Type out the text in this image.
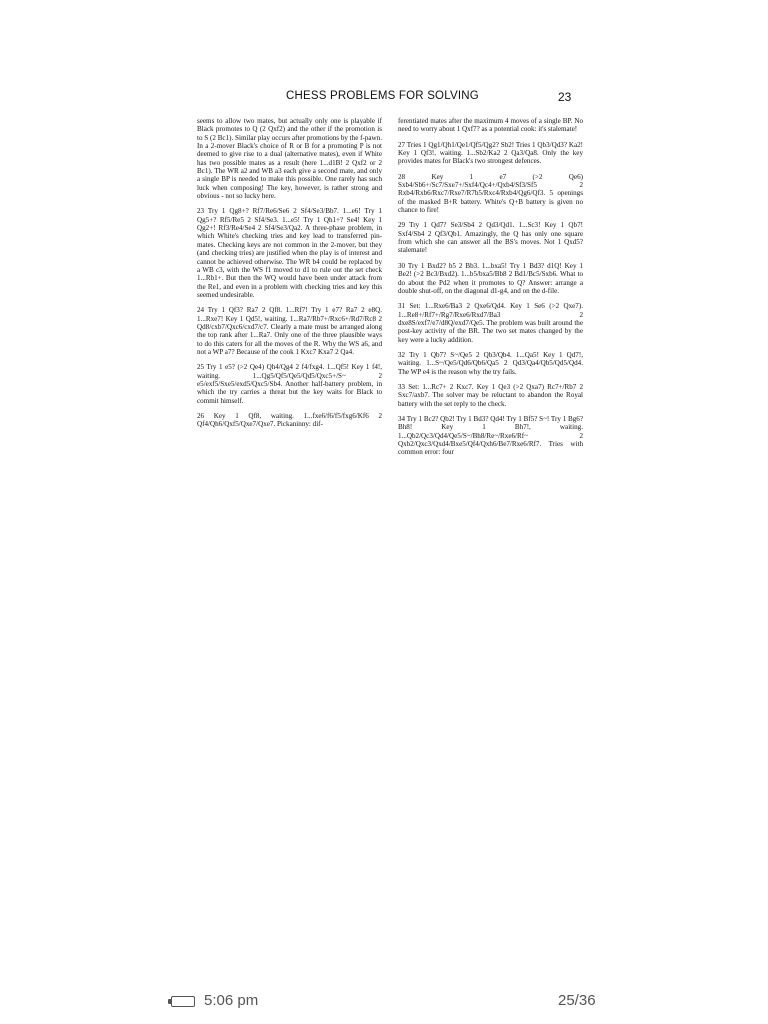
CHESS PROBLEMS FOR SOLVING	23

seems to allow two mates, but actually only one is playable if Black promotes to Q (2 Qxf2) and the other if the promotion is to S (2 Bc1). Similar play occurs after promotions by the f-pawn. In a 2-mover Black's choice of R or B for a promoting P is not deemed to give rise to a dual (alternative mates), even if White has two possible mates as a result (here 1...d1B! 2 Qxf2 or 2 Bc1). The WR a2 and WB a3 each give a second mate, and only a single BP is needed to make this possible. One rarely has such luck when composing! The key, however, is rather strong and obvious - not so lucky here.

23 Try 1 Qg8+? Rf7/Re6/Se6 2 Sf4/Se3/Bb7. 1...e6! Try 1 Qg5+? Rf5/Re5 2 Sf4/Se3. 1...e5! Try 1 Qh1+? Se4! Key 1 Qg2+! Rf3/Re4/Se4 2 Sf4/Se3/Qa2. A three-phase problem, in which White's checking tries and key lead to transferred pin-mates. Checking keys are not common in the 2-mover, but they (and checking tries) are justified when the play is of interest and cannot be achieved otherwise. The WR b4 could be replaced by a WB c3, with the WS f1 moved to d1 to rule out the set check 1...Rb1+. But then the WQ would have been under attack from the Re1, and even in a problem with checking tries and key this seemed undesirable.

24 Try 1 Qf3? Ra7 2 Qf8. 1...Rf7! Try 1 e7? Ra7 2 e8Q. 1...Rxe7! Key 1 Qd5!, waiting. 1...Ra7/Rb7+/Rxc6+/Rd7/Rc8 2 Qd8/cxb7/Qxc6/cxd7/c7. Clearly a mate must be arranged along the top rank after 1...Ra7. Only one of the three plausible ways to do this caters for all the moves of the R. Why the WS a6, and not a WP a7? Because of the cook 1 Kxc7 Kxa7 2 Qa4.

25 Try 1 e5? (>2 Qe4) Qh4/Qg4 2 f4/fxg4. 1...Qf5! Key 1 f4!, waiting. 1...Qg5/Qf5/Qe5/Qd5/Qxc5+/S~ 2 e5/exf5/Sxe5/exd5/Qxc5/Sb4. Another half-battery problem, in which the try carries a threat but the key waits for Black to commit himself.

26 Key 1 Qf8, waiting. 1...fxe6/f6/f5/fxg6/Kf6 2 Qf4/Qh6/Qxf5/Qxe7/Qxe7. Pickaninny: dif-

ferentiated mates after the maximum 4 moves of a single BP. No need to worry about 1 Qxf7? as a potential cook: it's stalemate!

27 Tries 1 Qg1/Qh1/Qe1/Qf5/Qg2? Sb2! Tries 1 Qb3/Qd3? Ka2! Key 1 Qf3!, waiting. 1...Sb2/Ka2 2 Qa3/Qa8. Only the key provides mates for Black's two strongest defences.

28 Key 1 e7 (>2 Qe6) Sxb4/Sb6+/Sc7/Sxe7+/Sxf4/Qc4+/Qxb4/Sf3/Sf5 2 Rxb4/Rxb6/Rxc7/Rxe7/R7b5/Rxc4/Rxb4/Qg6/Qf3. 5 openings of the masked B+R battery. White's Q+B battery is given no chance to fire!

29 Try 1 Qd7? Se3/Sb4 2 Qd3/Qd1. 1...Sc3! Key 1 Qb7! Sxf4/Sb4 2 Qf3/Qb1. Amazingly, the Q has only one square from which she can answer all the BS's moves. Not 1 Qxd5? stalemate!

30 Try 1 Bxd2? b5 2 Bb3. 1...bxa5! Try 1 Bd3? d1Q! Key 1 Be2! (>2 Bc3/Bxd2). 1...b5/bxa5/Bb8 2 Bd1/Bc5/Sxb6. What to do about the Pd2 when it promotes to Q? Answer: arrange a double shut-off, on the diagonal d1-g4, and on the d-file.

31 Set: 1...Rxe6/Ba3 2 Qxe6/Qd4. Key 1 Se6 (>2 Qxe7). 1...Re8+/Rf7+/Rg7/Rxe6/Rxd7/Ba3 2 dxe8S/exf7/e7/d8Q/exd7/Qe5. The problem was built around the post-key activity of the BR. The two set mates changed by the key were a lucky addition.

32 Try 1 Qb7? S~/Qe5 2 Qb3/Qb4. 1...Qa5! Key 1 Qd7!, waiting. 1...S~/Qe5/Qd6/Qb6/Qa5 2 Qd3/Qa4/Qb5/Qd5/Qd4. The WP e4 is the reason why the try fails.

33 Set: 1...Rc7+ 2 Kxc7. Key 1 Qe3 (>2 Qxa7) Rc7+/Rb7 2 Sxc7/axb7. The solver may be reluctant to abandon the Royal battery with the set reply to the check.

34 Try 1 Bc2? Qb2! Try 1 Bd3? Qd4! Try 1 Bf5? S~! Try 1 Bg6? Bh8! Key 1 Bh7!, waiting. 1...Qb2/Qc3/Qd4/Qe5/S~/Bh8/Re~/Rxe6/Rf~ 2 Qxb2/Qxc3/Qxd4/Bxe5/Qf4/Qxh6/Be7/Rxe6/Rf7. Tries with common error: four

5:06 pm	25/36
